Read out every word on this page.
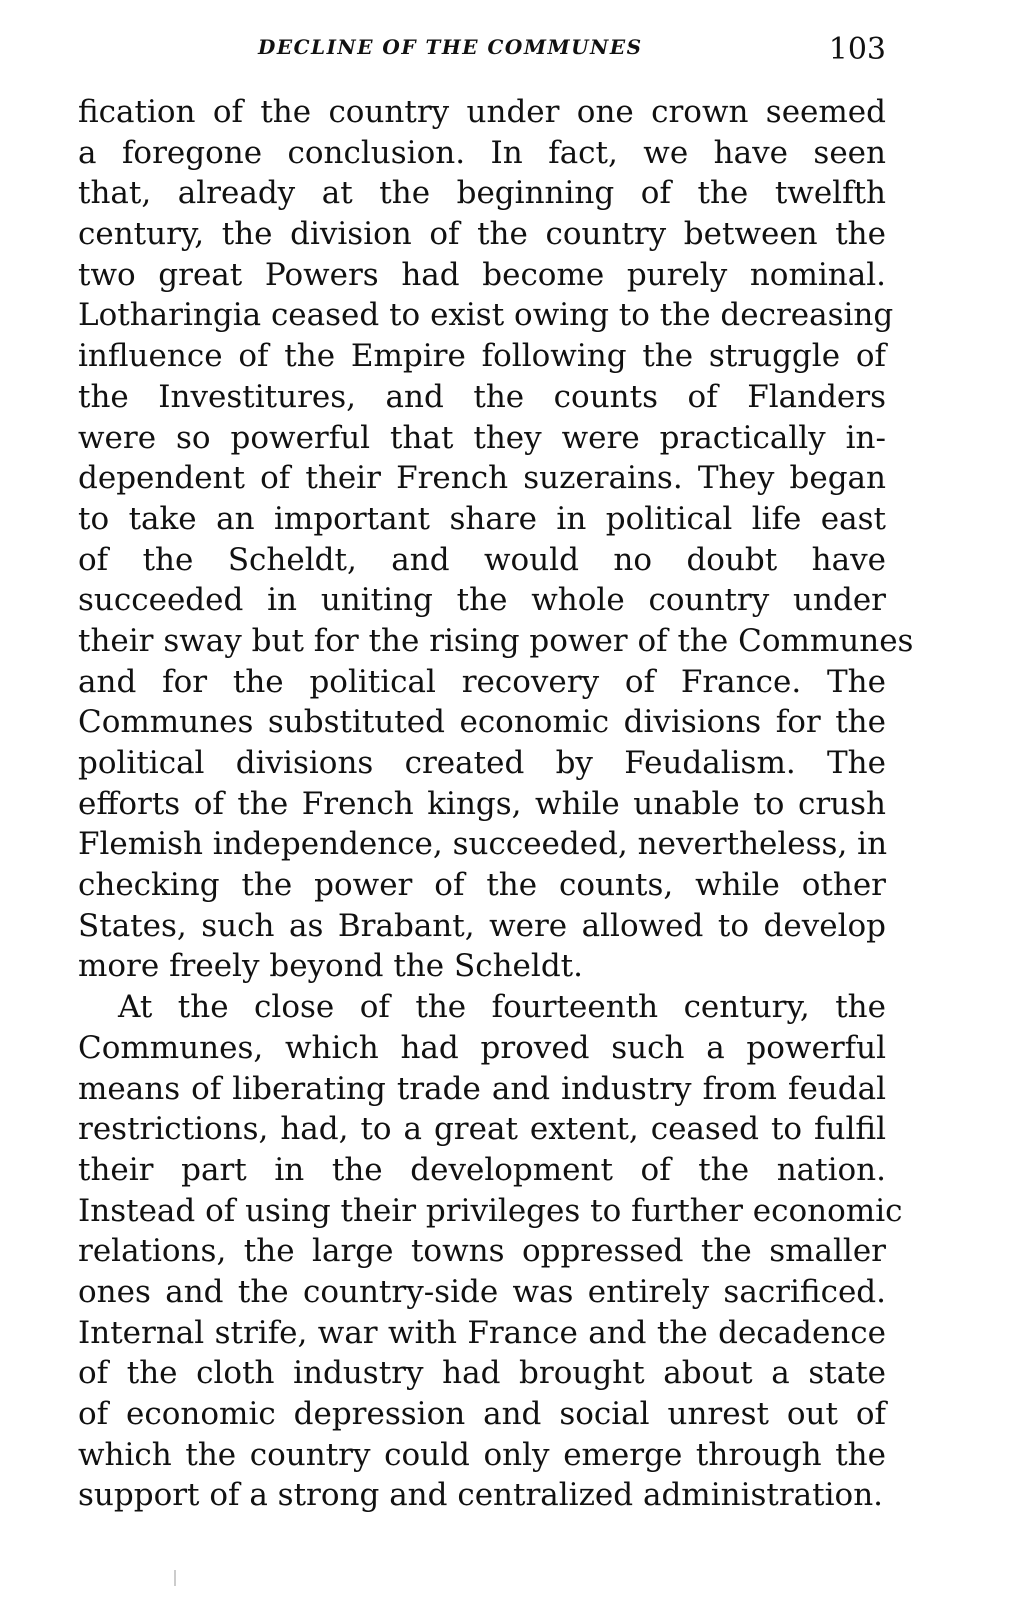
DECLINE OF THE COMMUNES	103
fication of the country under one crown seemed
a foregone conclusion. In fact, we have seen
that, already at the beginning of the twelfth
century, the division of the country between the
two great Powers had become purely nominal.
Lotharingia ceased to exist owing to the decreasing
influence of the Empire following the struggle of
the Investitures, and the counts of Flanders
were so powerful that they were practically in-
dependent of their French suzerains. They began
to take an important share in political life east
of the Scheldt, and would no doubt have
succeeded in uniting the whole country under
their sway but for the rising power of the Communes
and for the political recovery of France. The
Communes substituted economic divisions for the
political divisions created by Feudalism. The
efforts of the French kings, while unable to crush
Flemish independence, succeeded, nevertheless, in
checking the power of the counts, while other
States, such as Brabant, were allowed to develop
more freely beyond the Scheldt.
At the close of the fourteenth century, the
Communes, which had proved such a powerful
means of liberating trade and industry from feudal
restrictions, had, to a great extent, ceased to fulfil
their part in the development of the nation.
Instead of using their privileges to further economic
relations, the large towns oppressed the smaller
ones and the country-side was entirely sacrificed.
Internal strife, war with France and the decadence
of the cloth industry had brought about a state
of economic depression and social unrest out of
which the country could only emerge through the
support of a strong and centralized administration.
